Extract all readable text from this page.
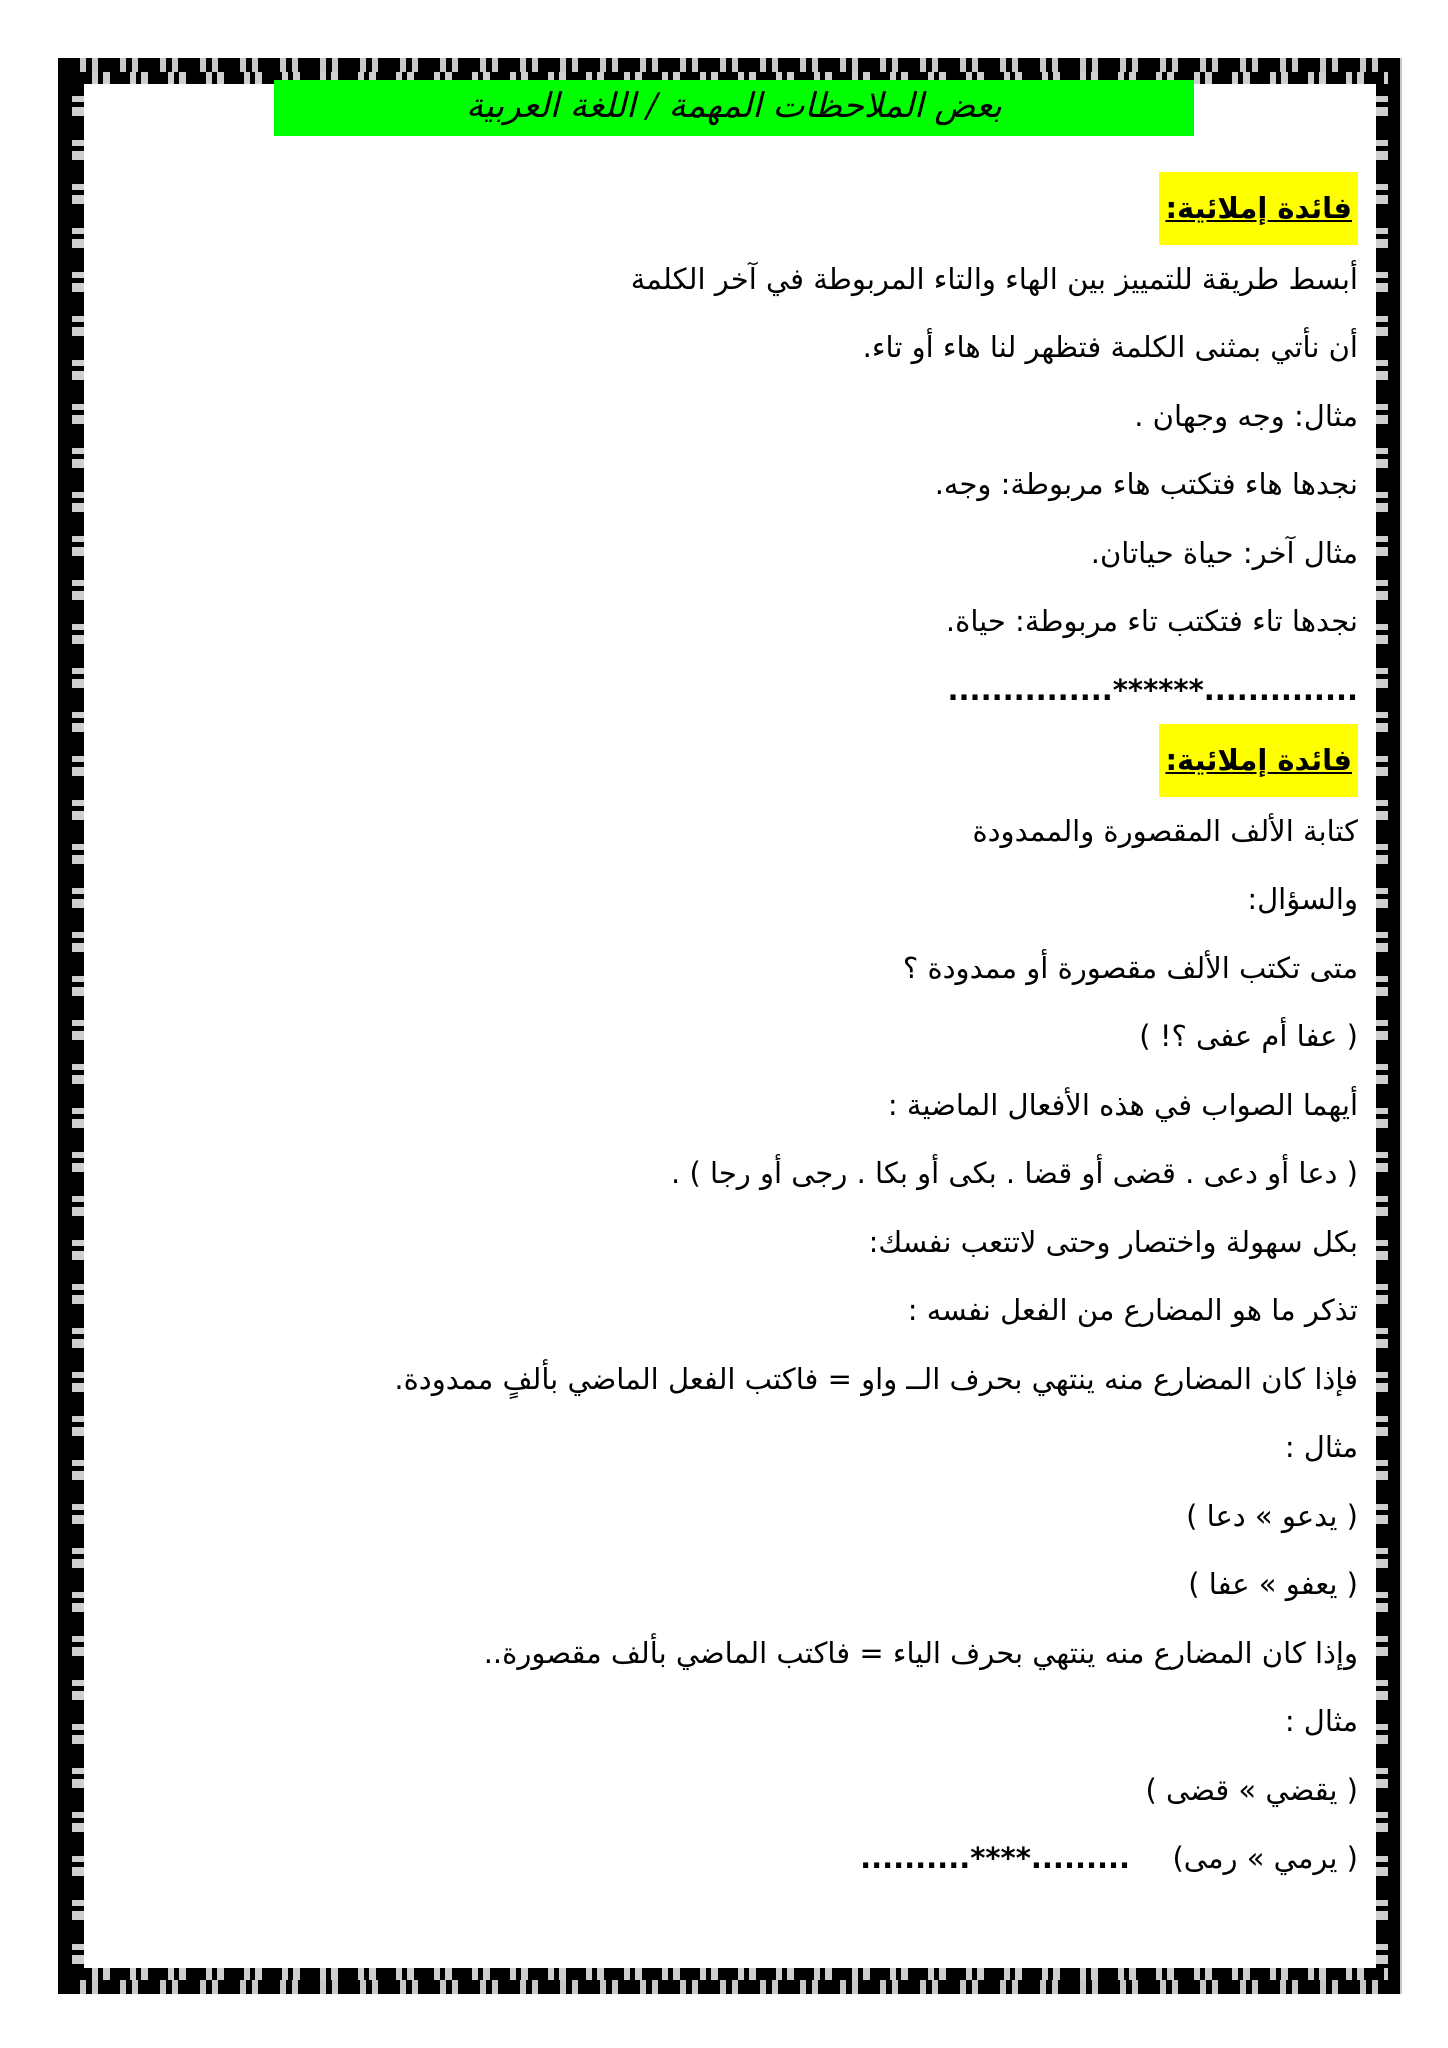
بعض الملاحظات المهمة / اللغة العربية
فائدة إملائية:
أبسط طريقة للتمييز بين الهاء والتاء المربوطة في آخر الكلمة
أن نأتي بمثنى الكلمة فتظهر لنا هاء أو تاء.
مثال: وجه وجهان .
نجدها هاء فتكتب هاء مربوطة: وجه.
مثال آخر: حياة حياتان.
نجدها تاء فتكتب تاء مربوطة: حياة.
..............******...............
فائدة إملائية:
كتابة الألف المقصورة والممدودة
والسؤال:
متى تكتب الألف مقصورة أو ممدودة ؟
( عفا أم عفى ؟! )
أيهما الصواب في هذه الأفعال الماضية :
( دعا أو دعى . قضى أو قضا . بكى أو بكا . رجى أو رجا ) .
بكل سهولة واختصار وحتى لاتتعب نفسك:
تذكر ما هو المضارع من الفعل نفسه :
فإذا كان المضارع منه ينتهي بحرف الــ واو = فاكتب الفعل الماضي بألفٍ ممدودة.
مثال :
( يدعو » دعا )
( يعفو » عفا )
وإذا كان المضارع منه ينتهي بحرف الياء = فاكتب الماضي بألف مقصورة..
مثال :
( يقضي » قضى )
( يرمي » رمى)  .........****..........
